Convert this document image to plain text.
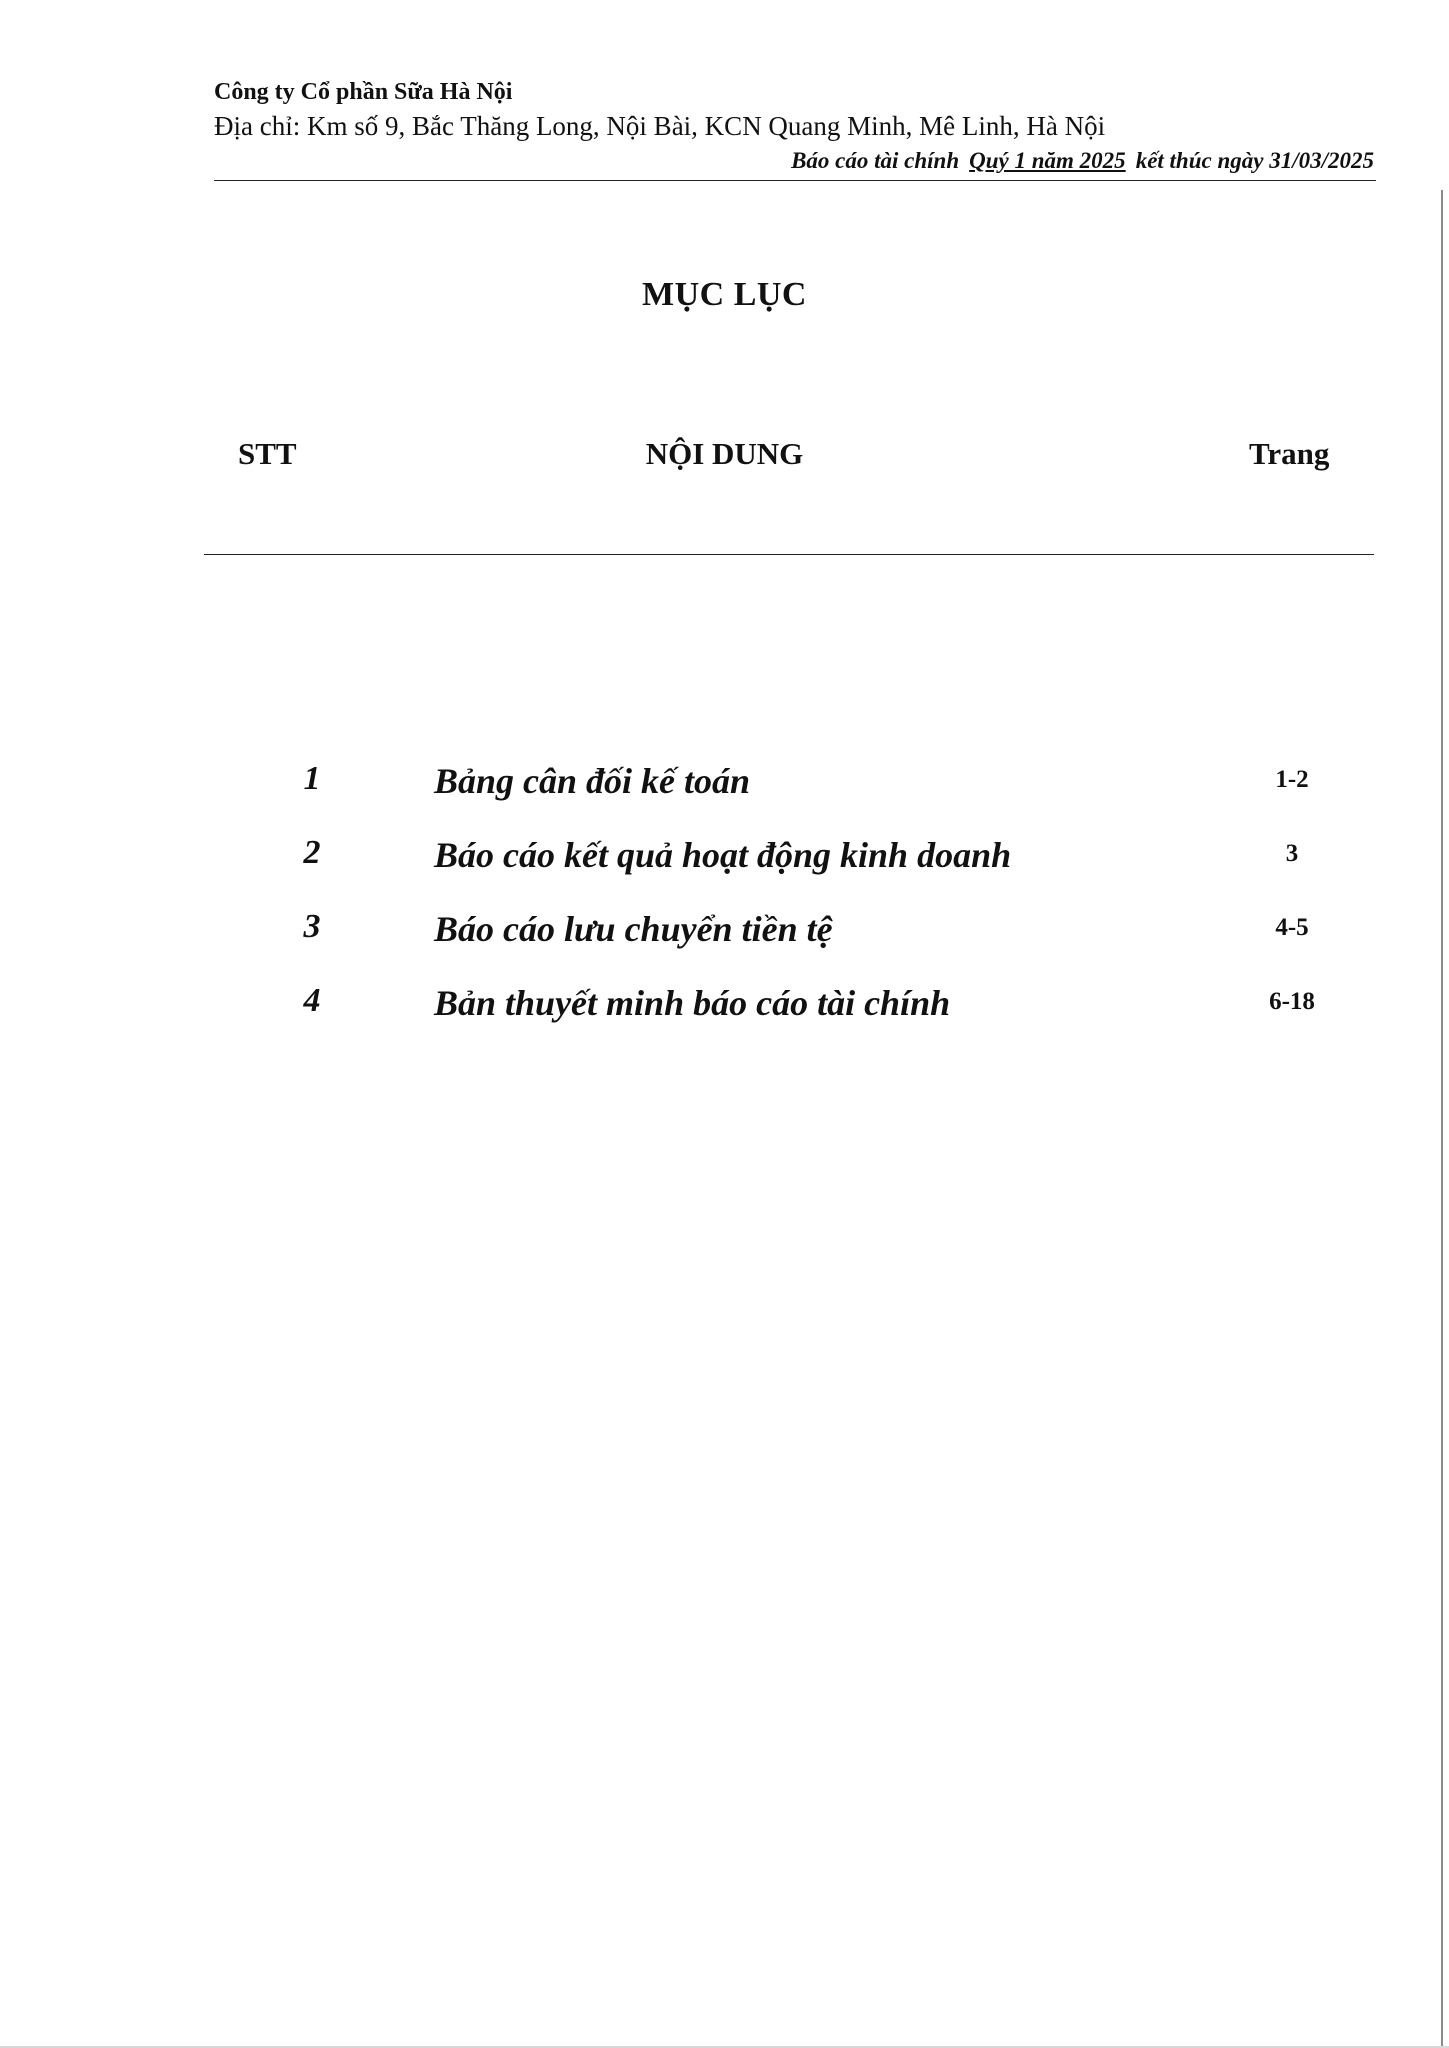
Công ty Cổ phần Sữa Hà Nội
Địa chỉ: Km số 9, Bắc Thăng Long, Nội Bài, KCN Quang Minh, Mê Linh, Hà Nội
Báo cáo tài chính Quý 1 năm 2025 kết thúc ngày 31/03/2025
MỤC LỤC
STT	NỘI DUNG	Trang
1	Bảng cân đối kế toán	1-2
2	Báo cáo kết quả hoạt động kinh doanh	3
3	Báo cáo lưu chuyển tiền tệ	4-5
4	Bản thuyết minh báo cáo tài chính	6-18
